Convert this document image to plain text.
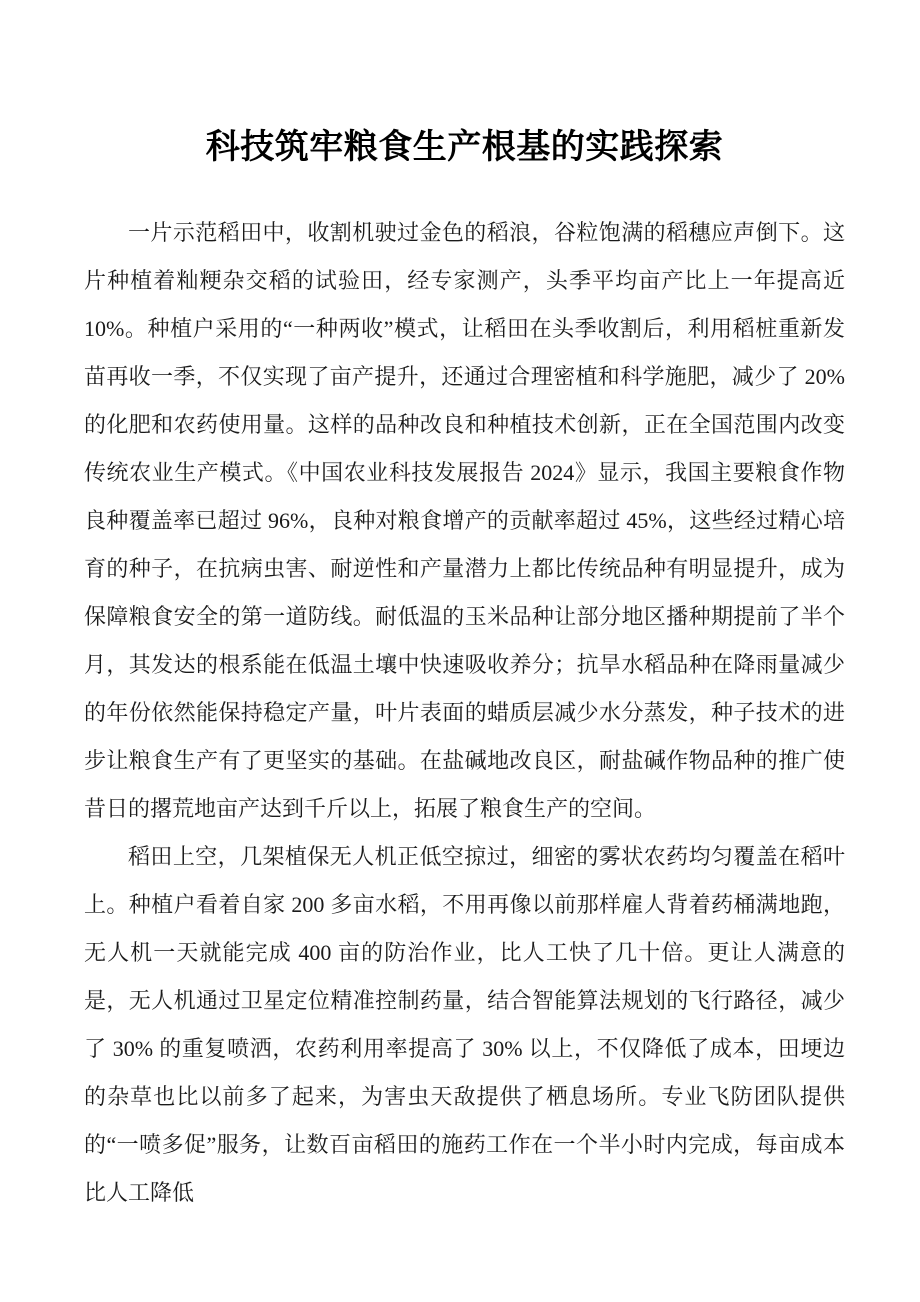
科技筑牢粮食生产根基的实践探索

一片示范稻田中，收割机驶过金色的稻浪，谷粒饱满的稻穗应声倒下。这片种植着籼粳杂交稻的试验田，经专家测产，头季平均亩产比上一年提高近 10%。种植户采用的“一种两收”模式，让稻田在头季收割后，利用稻桩重新发苗再收一季，不仅实现了亩产提升，还通过合理密植和科学施肥，减少了 20% 的化肥和农药使用量。这样的品种改良和种植技术创新，正在全国范围内改变传统农业生产模式。《中国农业科技发展报告 2024》显示，我国主要粮食作物良种覆盖率已超过 96%，良种对粮食增产的贡献率超过 45%，这些经过精心培育的种子，在抗病虫害、耐逆性和产量潜力上都比传统品种有明显提升，成为保障粮食安全的第一道防线。耐低温的玉米品种让部分地区播种期提前了半个月，其发达的根系能在低温土壤中快速吸收养分；抗旱水稻品种在降雨量减少的年份依然能保持稳定产量，叶片表面的蜡质层减少水分蒸发，种子技术的进步让粮食生产有了更坚实的基础。在盐碱地改良区，耐盐碱作物品种的推广使昔日的撂荒地亩产达到千斤以上，拓展了粮食生产的空间。

稻田上空，几架植保无人机正低空掠过，细密的雾状农药均匀覆盖在稻叶上。种植户看着自家 200 多亩水稻，不用再像以前那样雇人背着药桶满地跑，无人机一天就能完成 400 亩的防治作业，比人工快了几十倍。更让人满意的是，无人机通过卫星定位精准控制药量，结合智能算法规划的飞行路径，减少了 30% 的重复喷洒，农药利用率提高了 30% 以上，不仅降低了成本，田埂边的杂草也比以前多了起来，为害虫天敌提供了栖息场所。专业飞防团队提供的“一喷多促”服务，让数百亩稻田的施药工作在一个半小时内完成，每亩成本比人工降低
